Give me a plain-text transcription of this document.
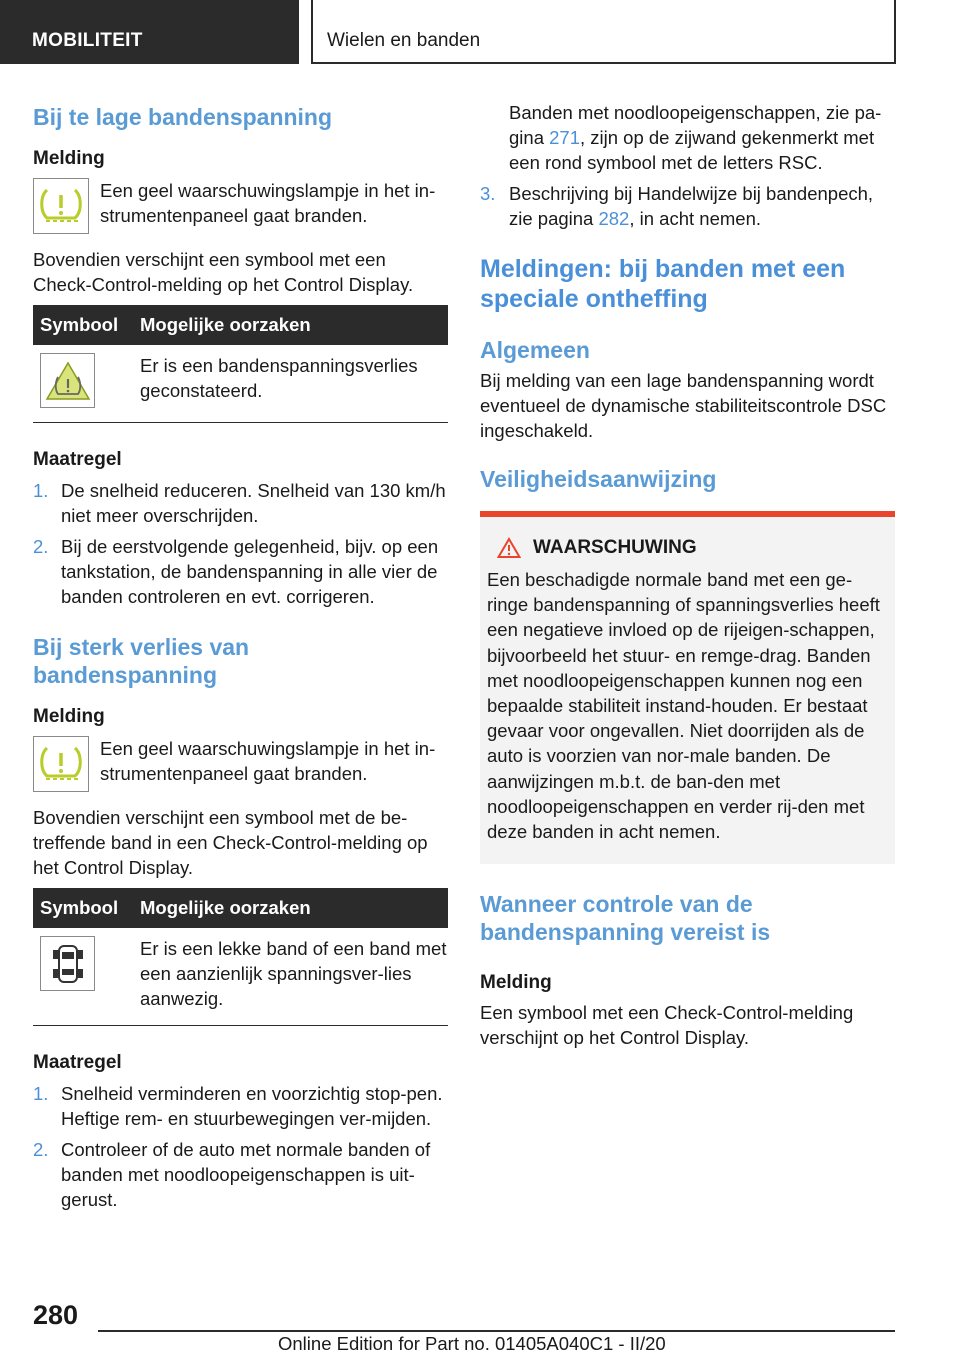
MOBILITEIT	Wielen en banden
Bij te lage bandenspanning
Melding

Een geel waarschuwingslampje in het in-strumentenpaneel gaat branden.

Bovendien verschijnt een symbool met een Check-Control-melding op het Control Display.

Symbool	Mogelijke oorzaken

	Er is een bandenspanningsverlies geconstateerd.
Maatregel
1. De snelheid reduceren. Snelheid van 130 km/h niet meer overschrijden.
2. Bij de eerstvolgende gelegenheid, bijv. op een tankstation, de bandenspanning in alle vier de banden controleren en evt. corrigeren.
Bij sterk verlies van bandenspanning
Melding

Een geel waarschuwingslampje in het in-strumentenpaneel gaat branden.

Bovendien verschijnt een symbool met de be-treffende band in een Check-Control-melding op het Control Display.

Symbool	Mogelijke oorzaken

	Er is een lekke band of een band met een aanzienlijk spanningsver-lies aanwezig.
Maatregel
1. Snelheid verminderen en voorzichtig stop-pen. Heftige rem- en stuurbewegingen ver-mijden.
2. Controleer of de auto met normale banden of banden met noodloopeigenschappen is uit-gerust.

Banden met noodloopeigenschappen, zie pa-gina 271, zijn op de zijwand gekenmerkt met een rond symbool met de letters RSC.

3. Beschrijving bij Handelwijze bij bandenpech, zie pagina 282, in acht nemen.
Meldingen: bij banden met een speciale ontheffing
Algemeen

Bij melding van een lage bandenspanning wordt eventueel de dynamische stabiliteitscontrole DSC ingeschakeld.

Veiligheidsaanwijzing
WAARSCHUWING

Een beschadigde normale band met een ge-ringe bandenspanning of spanningsverlies heeft een negatieve invloed op de rijeigen-schappen, bijvoorbeeld het stuur- en remge-drag. Banden met noodloopeigenschappen kunnen nog een bepaalde stabiliteit instand-houden. Er bestaat gevaar voor ongevallen. Niet doorrijden als de auto is voorzien van nor-male banden. De aanwijzingen m.b.t. de ban-den met noodloopeigenschappen en verder rij-den met deze banden in acht nemen.

Wanneer controle van de bandenspanning vereist is
Melding

Een symbool met een Check-Control-melding verschijnt op het Control Display.

280
Online Edition for Part no. 01405A040C1 - II/20
